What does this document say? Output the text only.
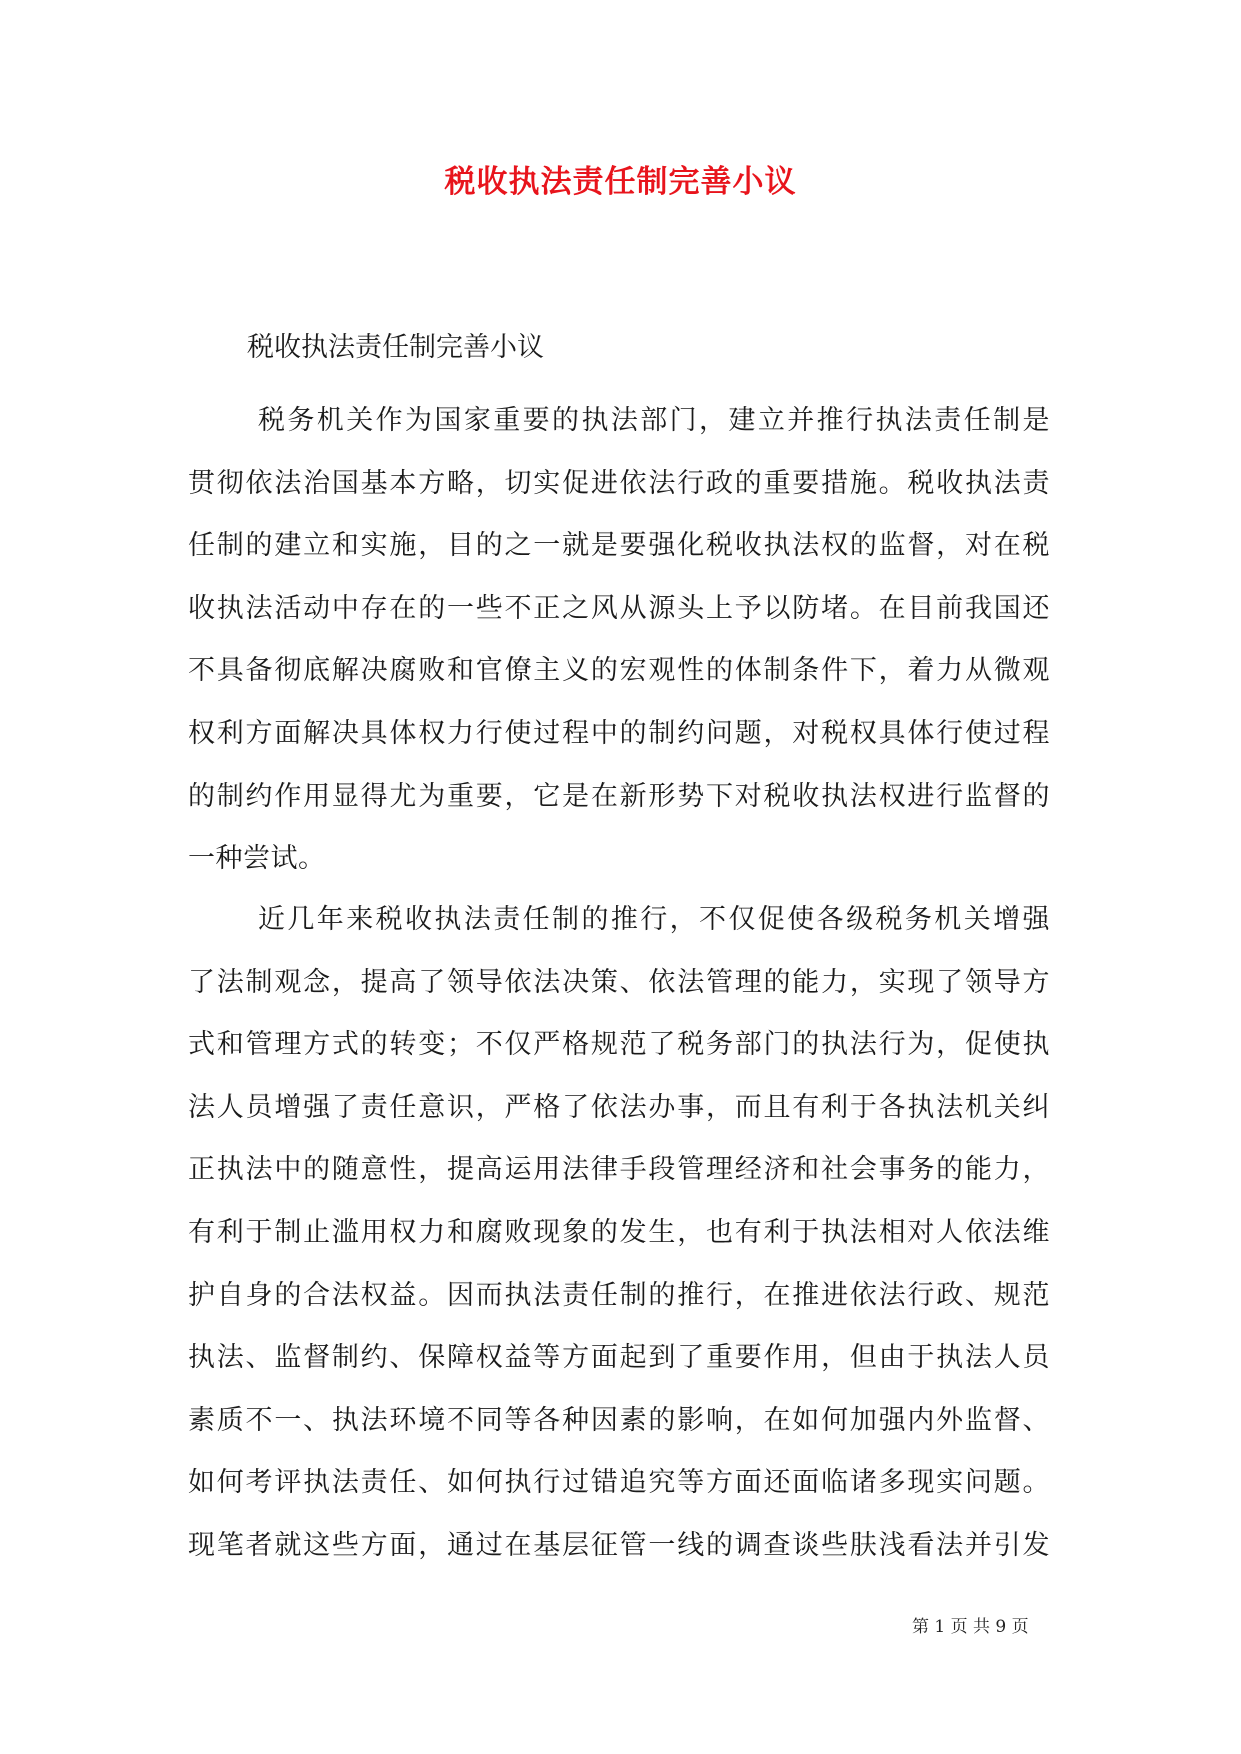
税收执法责任制完善小议

税收执法责任制完善小议

税务机关作为国家重要的执法部门，建立并推行执法责任制是
贯彻依法治国基本方略，切实促进依法行政的重要措施。税收执法责
任制的建立和实施，目的之一就是要强化税收执法权的监督，对在税
收执法活动中存在的一些不正之风从源头上予以防堵。在目前我国还
不具备彻底解决腐败和官僚主义的宏观性的体制条件下，着力从微观
权利方面解决具体权力行使过程中的制约问题，对税权具体行使过程
的制约作用显得尤为重要，它是在新形势下对税收执法权进行监督的
一种尝试。
近几年来税收执法责任制的推行，不仅促使各级税务机关增强
了法制观念，提高了领导依法决策、依法管理的能力，实现了领导方
式和管理方式的转变；不仅严格规范了税务部门的执法行为，促使执
法人员增强了责任意识，严格了依法办事，而且有利于各执法机关纠
正执法中的随意性，提高运用法律手段管理经济和社会事务的能力，
有利于制止滥用权力和腐败现象的发生，也有利于执法相对人依法维
护自身的合法权益。因而执法责任制的推行，在推进依法行政、规范
执法、监督制约、保障权益等方面起到了重要作用，但由于执法人员
素质不一、执法环境不同等各种因素的影响，在如何加强内外监督、
如何考评执法责任、如何执行过错追究等方面还面临诸多现实问题。
现笔者就这些方面，通过在基层征管一线的调查谈些肤浅看法并引发

第 1 页 共 9 页
